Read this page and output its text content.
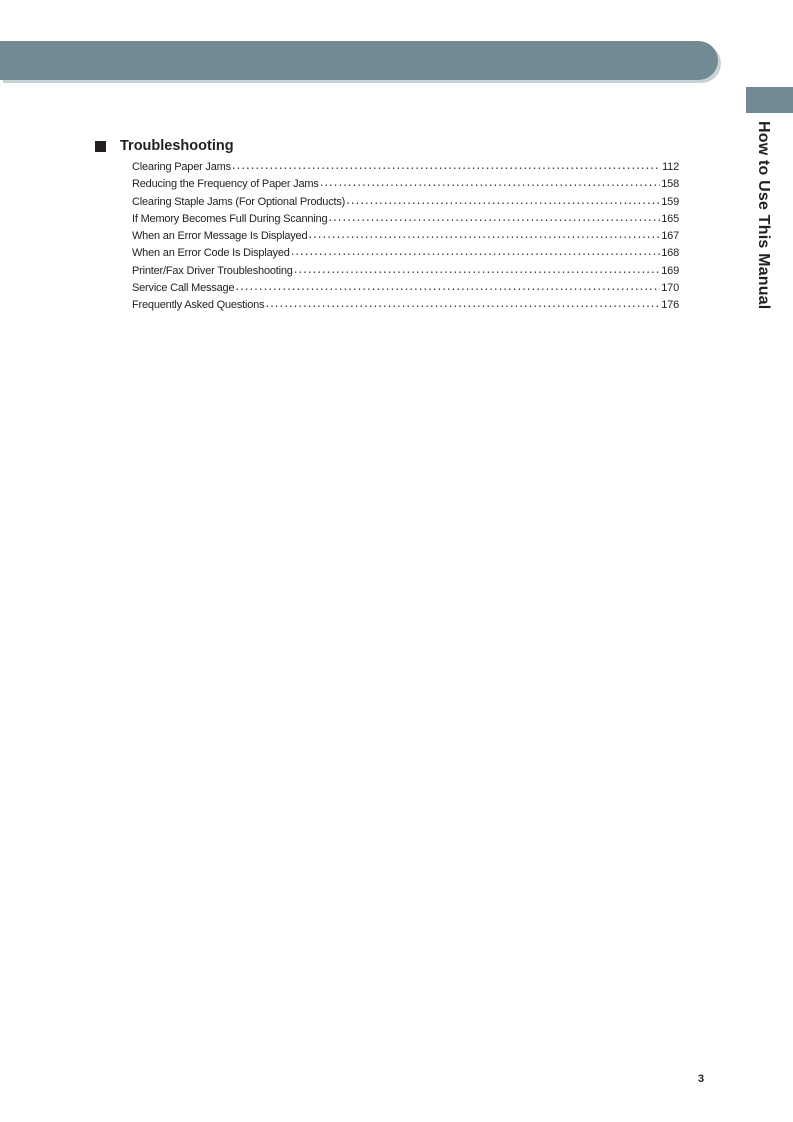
How to Use This Manual
Troubleshooting
Clearing Paper Jams •••••	112
Reducing the Frequency of Paper Jams •••••	158
Clearing Staple Jams (For Optional Products) •••••	159
If Memory Becomes Full During Scanning •••••	165
When an Error Message Is Displayed •••••	167
When an Error Code Is Displayed •••••	168
Printer/Fax Driver Troubleshooting •••••	169
Service Call Message •••••	170
Frequently Asked Questions •••••	176
3
